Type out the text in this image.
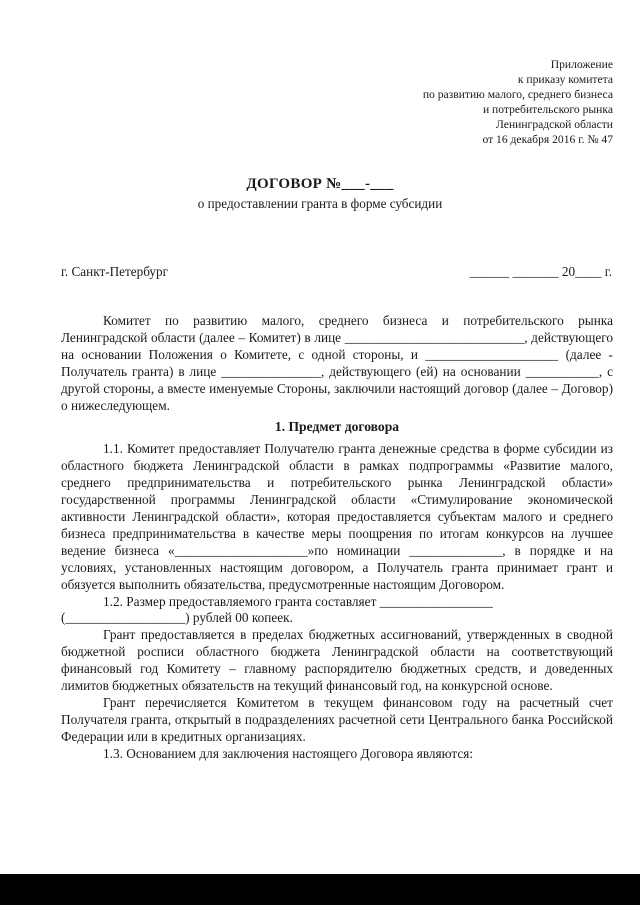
Приложение
к приказу комитета
по развитию малого, среднего бизнеса
и потребительского рынка
Ленинградской области
от 16 декабря 2016 г. № 47
ДОГОВОР №___-___
о предоставлении гранта в форме субсидии
г. Санкт-Петербург	______ _______ 20____ г.

Комитет по развитию малого, среднего бизнеса и потребительского рынка Ленинградской области (далее – Комитет) в лице ___________________________, действующего на основании Положения о Комитете, с одной стороны, и ____________________ (далее - Получатель гранта) в лице _______________, действующего (ей) на основании ___________, с другой стороны, а вместе именуемые Стороны, заключили настоящий договор (далее – Договор) о нижеследующем.

1. Предмет договора

1.1. Комитет предоставляет Получателю гранта денежные средства в форме субсидии из областного бюджета Ленинградской области в рамках подпрограммы «Развитие малого, среднего предпринимательства и потребительского рынка Ленинградской области» государственной программы Ленинградской области «Стимулирование экономической активности Ленинградской области», которая предоставляется субъектам малого и среднего бизнеса предпринимательства в качестве меры поощрения по итогам конкурсов на лучшее ведение бизнеса «____________________»по номинации ______________, в порядке и на условиях, установленных настоящим договором, а Получатель гранта принимает грант и обязуется выполнить обязательства, предусмотренные настоящим Договором.

1.2. Размер предоставляемого гранта составляет _________________

(__________________) рублей 00 копеек.

Грант предоставляется в пределах бюджетных ассигнований, утвержденных в сводной бюджетной росписи областного бюджета Ленинградской области на соответствующий финансовый год Комитету – главному распорядителю бюджетных средств, и доведенных лимитов бюджетных обязательств на текущий финансовый год, на конкурсной основе.

Грант перечисляется Комитетом в текущем финансовом году на расчетный счет Получателя гранта, открытый в подразделениях расчетной сети Центрального банка Российской Федерации или в кредитных организациях.

1.3. Основанием для заключения настоящего Договора являются:
